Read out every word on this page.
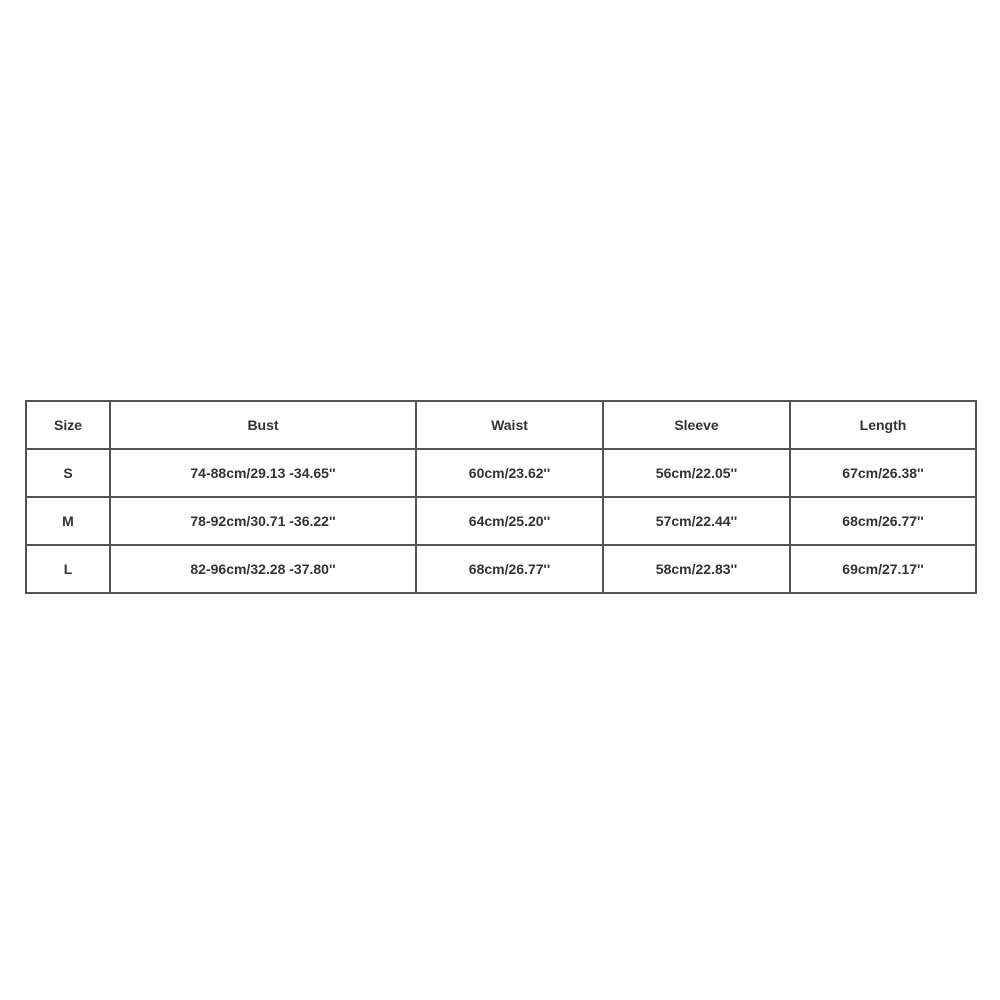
Size	Bust	Waist	Sleeve	Length
S	74-88cm/29.13 -34.65''	60cm/23.62''	56cm/22.05''	67cm/26.38''
M	78-92cm/30.71 -36.22''	64cm/25.20''	57cm/22.44''	68cm/26.77''
L	82-96cm/32.28 -37.80''	68cm/26.77''	58cm/22.83''	69cm/27.17''
